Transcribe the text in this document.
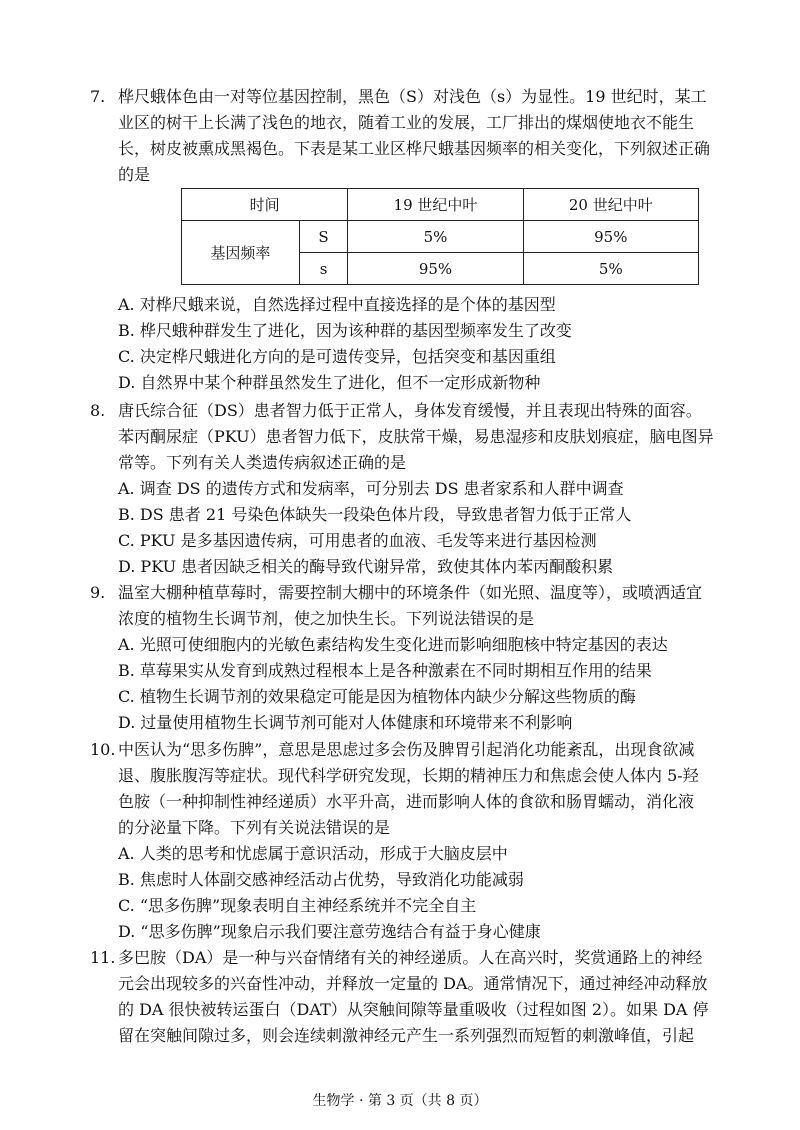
7. 桦尺蛾体色由一对等位基因控制，黑色（S）对浅色（s）为显性。19 世纪时，某工
业区的树干上长满了浅色的地衣，随着工业的发展，工厂排出的煤烟使地衣不能生
长，树皮被熏成黑褐色。下表是某工业区桦尺蛾基因频率的相关变化，下列叙述正确
的是
时间		19 世纪中叶	20 世纪中叶
基因频率	S	5%	95%
	s	95%	5%
A. 对桦尺蛾来说，自然选择过程中直接选择的是个体的基因型
B. 桦尺蛾种群发生了进化，因为该种群的基因型频率发生了改变
C. 决定桦尺蛾进化方向的是可遗传变异，包括突变和基因重组
D. 自然界中某个种群虽然发生了进化，但不一定形成新物种
8. 唐氏综合征（DS）患者智力低于正常人，身体发育缓慢，并且表现出特殊的面容。
苯丙酮尿症（PKU）患者智力低下，皮肤常干燥，易患湿疹和皮肤划痕症，脑电图异
常等。下列有关人类遗传病叙述正确的是
A. 调查 DS 的遗传方式和发病率，可分别去 DS 患者家系和人群中调查
B. DS 患者 21 号染色体缺失一段染色体片段，导致患者智力低于正常人
C. PKU 是多基因遗传病，可用患者的血液、毛发等来进行基因检测
D. PKU 患者因缺乏相关的酶导致代谢异常，致使其体内苯丙酮酸积累
9. 温室大棚种植草莓时，需要控制大棚中的环境条件（如光照、温度等），或喷洒适宜
浓度的植物生长调节剂，使之加快生长。下列说法错误的是
A. 光照可使细胞内的光敏色素结构发生变化进而影响细胞核中特定基因的表达
B. 草莓果实从发育到成熟过程根本上是各种激素在不同时期相互作用的结果
C. 植物生长调节剂的效果稳定可能是因为植物体内缺少分解这些物质的酶
D. 过量使用植物生长调节剂可能对人体健康和环境带来不利影响
10. 中医认为“思多伤脾”，意思是思虑过多会伤及脾胃引起消化功能紊乱，出现食欲减
退、腹胀腹泻等症状。现代科学研究发现，长期的精神压力和焦虑会使人体内 5-羟
色胺（一种抑制性神经递质）水平升高，进而影响人体的食欲和肠胃蠕动，消化液
的分泌量下降。下列有关说法错误的是
A. 人类的思考和忧虑属于意识活动，形成于大脑皮层中
B. 焦虑时人体副交感神经活动占优势，导致消化功能减弱
C. “思多伤脾”现象表明自主神经系统并不完全自主
D. “思多伤脾”现象启示我们要注意劳逸结合有益于身心健康
11. 多巴胺（DA）是一种与兴奋情绪有关的神经递质。人在高兴时，奖赏通路上的神经
元会出现较多的兴奋性冲动，并释放一定量的 DA。通常情况下，通过神经冲动释放
的 DA 很快被转运蛋白（DAT）从突触间隙等量重吸收（过程如图 2）。如果 DA 停
留在突触间隙过多，则会连续刺激神经元产生一系列强烈而短暂的刺激峰值，引起
生物学 · 第 3 页（共 8 页）
